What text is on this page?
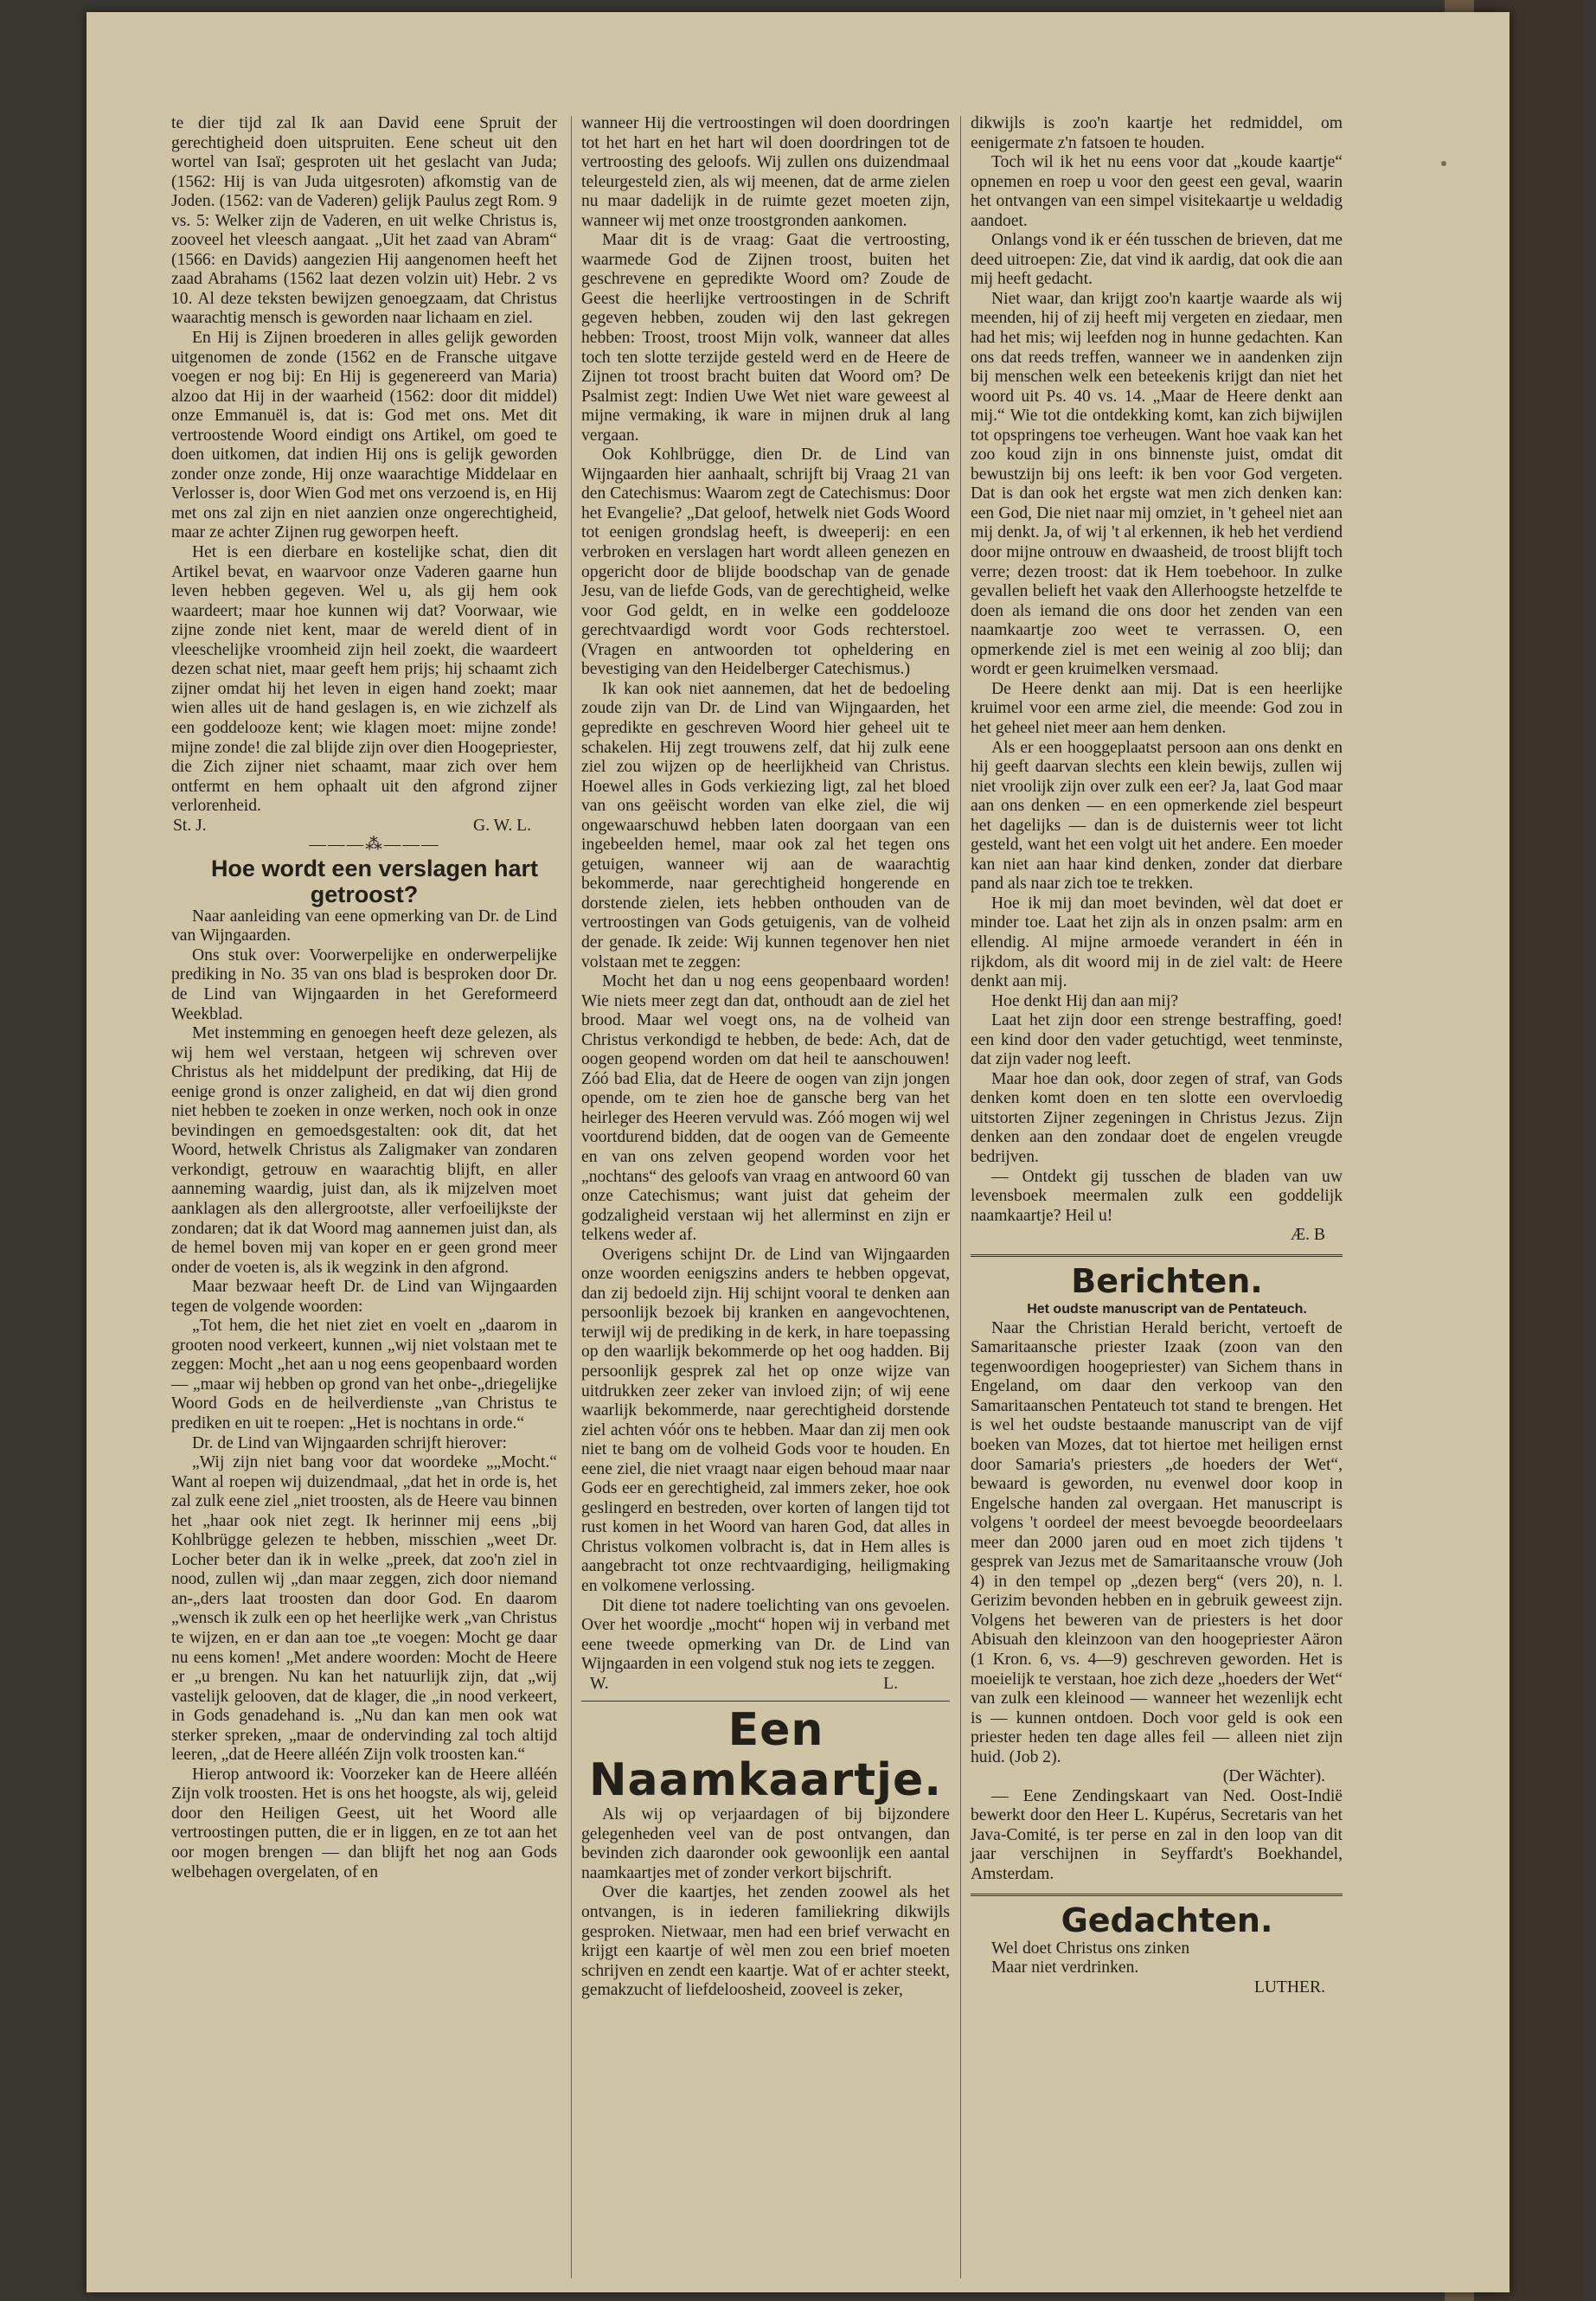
te dier tijd zal Ik aan David eene Spruit der gerechtigheid doen uitspruiten. Eene scheut uit den wortel van Isaï; gesproten uit het geslacht van Juda; (1562: Hij is van Juda uitgesroten) afkomstig van de Joden. (1562: van de Vaderen) gelijk Paulus zegt Rom. 9 vs. 5: Welker zijn de Vaderen, en uit welke Christus is, zooveel het vleesch aangaat. „Uit het zaad van Abram“ (1566: en Davids) aangezien Hij aangenomen heeft het zaad Abrahams (1562 laat dezen volzin uit) Hebr. 2 vs 10. Al deze teksten bewijzen genoegzaam, dat Christus waarachtig mensch is geworden naar lichaam en ziel.

En Hij is Zijnen broederen in alles gelijk geworden uitgenomen de zonde (1562 en de Fransche uitgave voegen er nog bij: En Hij is gegenereerd van Maria) alzoo dat Hij in der waarheid (1562: door dit middel) onze Emmanuël is, dat is: God met ons. Met dit vertroostende Woord eindigt ons Artikel, om goed te doen uitkomen, dat indien Hij ons is gelijk geworden zonder onze zonde, Hij onze waarachtige Middelaar en Verlosser is, door Wien God met ons verzoend is, en Hij met ons zal zijn en niet aanzien onze ongerechtigheid, maar ze achter Zijnen rug geworpen heeft.

Het is een dierbare en kostelijke schat, dien dit Artikel bevat, en waarvoor onze Vaderen gaarne hun leven hebben gegeven. Wel u, als gij hem ook waardeert; maar hoe kunnen wij dat? Voorwaar, wie zijne zonde niet kent, maar de wereld dient of in vleeschelijke vroomheid zijn heil zoekt, die waardeert dezen schat niet, maar geeft hem prijs; hij schaamt zich zijner omdat hij het leven in eigen hand zoekt; maar wien alles uit de hand geslagen is, en wie zichzelf als een goddelooze kent; wie klagen moet: mijne zonde! mijne zonde! die zal blijde zijn over dien Hoogepriester, die Zich zijner niet schaamt, maar zich over hem ontfermt en hem ophaalt uit den afgrond zijner verlorenheid.

St. J.	G. W. L.

———⁂———

Hoe wordt een verslagen hart getroost?

Naar aanleiding van eene opmerking van Dr. de Lind van Wijngaarden.

Ons stuk over: Voorwerpelijke en onderwerpelijke prediking in No. 35 van ons blad is besproken door Dr. de Lind van Wijngaarden in het Gereformeerd Weekblad.

Met instemming en genoegen heeft deze gelezen, als wij hem wel verstaan, hetgeen wij schreven over Christus als het middelpunt der prediking, dat Hij de eenige grond is onzer zaligheid, en dat wij dien grond niet hebben te zoeken in onze werken, noch ook in onze bevindingen en gemoedsgestalten: ook dit, dat het Woord, hetwelk Christus als Zaligmaker van zondaren verkondigt, getrouw en waarachtig blijft, en aller aanneming waardig, juist dan, als ik mijzelven moet aanklagen als den allergrootste, aller verfoeilijkste der zondaren; dat ik dat Woord mag aannemen juist dan, als de hemel boven mij van koper en er geen grond meer onder de voeten is, als ik wegzink in den afgrond.

Maar bezwaar heeft Dr. de Lind van Wijngaarden tegen de volgende woorden:

„Tot hem, die het niet ziet en voelt en „daarom in grooten nood verkeert, kunnen „wij niet volstaan met te zeggen: Mocht „het aan u nog eens geopenbaard worden — „maar wij hebben op grond van het onbe-„driegelijke Woord Gods en de heilverdienste „van Christus te prediken en uit te roepen: „Het is nochtans in orde.“

Dr. de Lind van Wijngaarden schrijft hierover:

„Wij zijn niet bang voor dat woordeke „„Mocht.“ Want al roepen wij duizendmaal, „dat het in orde is, het zal zulk eene ziel „niet troosten, als de Heere vau binnen het „haar ook niet zegt. Ik herinner mij eens „bij Kohlbrügge gelezen te hebben, misschien „weet Dr. Locher beter dan ik in welke „preek, dat zoo'n ziel in nood, zullen wij „dan maar zeggen, zich door niemand an-„ders laat troosten dan door God. En daarom „wensch ik zulk een op het heerlijke werk „van Christus te wijzen, en er dan aan toe „te voegen: Mocht ge daar nu eens komen! „Met andere woorden: Mocht de Heere er „u brengen. Nu kan het natuurlijk zijn, dat „wij vastelijk gelooven, dat de klager, die „in nood verkeert, in Gods genadehand is. „Nu dan kan men ook wat sterker spreken, „maar de ondervinding zal toch altijd leeren, „dat de Heere alléén Zijn volk troosten kan.“

Hierop antwoord ik: Voorzeker kan de Heere alléén Zijn volk troosten. Het is ons het hoogste, als wij, geleid door den Heiligen Geest, uit het Woord alle vertroostingen putten, die er in liggen, en ze tot aan het oor mogen brengen — dan blijft het nog aan Gods welbehagen overgelaten, of en

wanneer Hij die vertroostingen wil doen doordringen tot het hart en het hart wil doen doordringen tot de vertroosting des geloofs. Wij zullen ons duizendmaal teleurgesteld zien, als wij meenen, dat de arme zielen nu maar dadelijk in de ruimte gezet moeten zijn, wanneer wij met onze troostgronden aankomen.

Maar dit is de vraag: Gaat die vertroosting, waarmede God de Zijnen troost, buiten het geschrevene en gepredikte Woord om? Zoude de Geest die heerlijke vertroostingen in de Schrift gegeven hebben, zouden wij den last gekregen hebben: Troost, troost Mijn volk, wanneer dat alles toch ten slotte terzijde gesteld werd en de Heere de Zijnen tot troost bracht buiten dat Woord om? De Psalmist zegt: Indien Uwe Wet niet ware geweest al mijne vermaking, ik ware in mijnen druk al lang vergaan.

Ook Kohlbrügge, dien Dr. de Lind van Wijngaarden hier aanhaalt, schrijft bij Vraag 21 van den Catechismus: Waarom zegt de Catechismus: Door het Evangelie? „Dat geloof, hetwelk niet Gods Woord tot eenigen grondslag heeft, is dweeperij: en een verbroken en verslagen hart wordt alleen genezen en opgericht door de blijde boodschap van de genade Jesu, van de liefde Gods, van de gerechtigheid, welke voor God geldt, en in welke een goddelooze gerechtvaardigd wordt voor Gods rechterstoel. (Vragen en antwoorden tot opheldering en bevestiging van den Heidelberger Catechismus.)

Ik kan ook niet aannemen, dat het de bedoeling zoude zijn van Dr. de Lind van Wijngaarden, het gepredikte en geschreven Woord hier geheel uit te schakelen. Hij zegt trouwens zelf, dat hij zulk eene ziel zou wijzen op de heerlijkheid van Christus. Hoewel alles in Gods verkiezing ligt, zal het bloed van ons geëischt worden van elke ziel, die wij ongewaarschuwd hebben laten doorgaan van een ingebeelden hemel, maar ook zal het tegen ons getuigen, wanneer wij aan de waarachtig bekommerde, naar gerechtigheid hongerende en dorstende zielen, iets hebben onthouden van de vertroostingen van Gods getuigenis, van de volheid der genade. Ik zeide: Wij kunnen tegenover hen niet volstaan met te zeggen:

Mocht het dan u nog eens geopenbaard worden! Wie niets meer zegt dan dat, onthoudt aan de ziel het brood. Maar wel voegt ons, na de volheid van Christus verkondigd te hebben, de bede: Ach, dat de oogen geopend worden om dat heil te aanschouwen! Zóó bad Elia, dat de Heere de oogen van zijn jongen opende, om te zien hoe de gansche berg van het heirleger des Heeren vervuld was. Zóó mogen wij wel voortdurend bidden, dat de oogen van de Gemeente en van ons zelven geopend worden voor het „nochtans“ des geloofs van vraag en antwoord 60 van onze Catechismus; want juist dat geheim der godzaligheid verstaan wij het allerminst en zijn er telkens weder af.

Overigens schijnt Dr. de Lind van Wijngaarden onze woorden eenigszins anders te hebben opgevat, dan zij bedoeld zijn. Hij schijnt vooral te denken aan persoonlijk bezoek bij kranken en aangevochtenen, terwijl wij de prediking in de kerk, in hare toepassing op den waarlijk bekommerde op het oog hadden. Bij persoonlijk gesprek zal het op onze wijze van uitdrukken zeer zeker van invloed zijn; of wij eene waarlijk bekommerde, naar gerechtigheid dorstende ziel achten vóór ons te hebben. Maar dan zij men ook niet te bang om de volheid Gods voor te houden. En eene ziel, die niet vraagt naar eigen behoud maar naar Gods eer en gerechtigheid, zal immers zeker, hoe ook geslingerd en bestreden, over korten of langen tijd tot rust komen in het Woord van haren God, dat alles in Christus volkomen volbracht is, dat in Hem alles is aangebracht tot onze rechtvaardiging, heiligmaking en volkomene verlossing.

Dit diene tot nadere toelichting van ons gevoelen. Over het woordje „mocht“ hopen wij in verband met eene tweede opmerking van Dr. de Lind van Wijngaarden in een volgend stuk nog iets te zeggen.

W.	L.

Een Naamkaartje.

Als wij op verjaardagen of bij bijzondere gelegenheden veel van de post ontvangen, dan bevinden zich daaronder ook gewoonlijk een aantal naamkaartjes met of zonder verkort bijschrift.

Over die kaartjes, het zenden zoowel als het ontvangen, is in iederen familiekring dikwijls gesproken. Nietwaar, men had een brief verwacht en krijgt een kaartje of wèl men zou een brief moeten schrijven en zendt een kaartje. Wat of er achter steekt, gemakzucht of liefdeloosheid, zooveel is zeker,

dikwijls is zoo'n kaartje het redmiddel, om eenigermate z'n fatsoen te houden.

Toch wil ik het nu eens voor dat „koude kaartje“ opnemen en roep u voor den geest een geval, waarin het ontvangen van een simpel visitekaartje u weldadig aandoet.

Onlangs vond ik er één tusschen de brieven, dat me deed uitroepen: Zie, dat vind ik aardig, dat ook die aan mij heeft gedacht.

Niet waar, dan krijgt zoo'n kaartje waarde als wij meenden, hij of zij heeft mij vergeten en ziedaar, men had het mis; wij leefden nog in hunne gedachten. Kan ons dat reeds treffen, wanneer we in aandenken zijn bij menschen welk een beteekenis krijgt dan niet het woord uit Ps. 40 vs. 14. „Maar de Heere denkt aan mij.“ Wie tot die ontdekking komt, kan zich bijwijlen tot opspringens toe verheugen. Want hoe vaak kan het zoo koud zijn in ons binnenste juist, omdat dit bewustzijn bij ons leeft: ik ben voor God vergeten. Dat is dan ook het ergste wat men zich denken kan: een God, Die niet naar mij omziet, in 't geheel niet aan mij denkt. Ja, of wij 't al erkennen, ik heb het verdiend door mijne ontrouw en dwaasheid, de troost blijft toch verre; dezen troost: dat ik Hem toebehoor. In zulke gevallen belieft het vaak den Allerhoogste hetzelfde te doen als iemand die ons door het zenden van een naamkaartje zoo weet te verrassen. O, een opmerkende ziel is met een weinig al zoo blij; dan wordt er geen kruimelken versmaad.

De Heere denkt aan mij. Dat is een heerlijke kruimel voor een arme ziel, die meende: God zou in het geheel niet meer aan hem denken.

Als er een hooggeplaatst persoon aan ons denkt en hij geeft daarvan slechts een klein bewijs, zullen wij niet vroolijk zijn over zulk een eer? Ja, laat God maar aan ons denken — en een opmerkende ziel bespeurt het dagelijks — dan is de duisternis weer tot licht gesteld, want het een volgt uit het andere. Een moeder kan niet aan haar kind denken, zonder dat dierbare pand als naar zich toe te trekken.

Hoe ik mij dan moet bevinden, wèl dat doet er minder toe. Laat het zijn als in onzen psalm: arm en ellendig. Al mijne armoede verandert in één in rijkdom, als dit woord mij in de ziel valt: de Heere denkt aan mij.

Hoe denkt Hij dan aan mij?

Laat het zijn door een strenge bestraffing, goed! een kind door den vader getuchtigd, weet tenminste, dat zijn vader nog leeft.

Maar hoe dan ook, door zegen of straf, van Gods denken komt doen en ten slotte een overvloedig uitstorten Zijner zegeningen in Christus Jezus. Zijn denken aan den zondaar doet de engelen vreugde bedrijven.

— Ontdekt gij tusschen de bladen van uw levensboek meermalen zulk een goddelijk naamkaartje? Heil u!

Æ. B

Berichten.

Het oudste manuscript van de Pentateuch.

Naar the Christian Herald bericht, vertoeft de Samaritaansche priester Izaak (zoon van den tegenwoordigen hoogepriester) van Sichem thans in Engeland, om daar den verkoop van den Samaritaanschen Pentateuch tot stand te brengen. Het is wel het oudste bestaande manuscript van de vijf boeken van Mozes, dat tot hiertoe met heiligen ernst door Samaria's priesters „de hoeders der Wet“, bewaard is geworden, nu evenwel door koop in Engelsche handen zal overgaan. Het manuscript is volgens 't oordeel der meest bevoegde beoordeelaars meer dan 2000 jaren oud en moet zich tijdens 't gesprek van Jezus met de Samaritaansche vrouw (Joh 4) in den tempel op „dezen berg“ (vers 20), n. l. Gerizim bevonden hebben en in gebruik geweest zijn. Volgens het beweren van de priesters is het door Abisuah den kleinzoon van den hoogepriester Aäron (1 Kron. 6, vs. 4—9) geschreven geworden. Het is moeielijk te verstaan, hoe zich deze „hoeders der Wet“ van zulk een kleinood — wanneer het wezenlijk echt is — kunnen ontdoen. Doch voor geld is ook een priester heden ten dage alles feil — alleen niet zijn huid. (Job 2).

(Der Wächter).

— Eene Zendingskaart van Ned. Oost-Indië bewerkt door den Heer L. Kupérus, Secretaris van het Java-Comité, is ter perse en zal in den loop van dit jaar verschijnen in Seyffardt's Boekhandel, Amsterdam.

Gedachten.

Wel doet Christus ons zinken

Maar niet verdrinken.

LUTHER.
